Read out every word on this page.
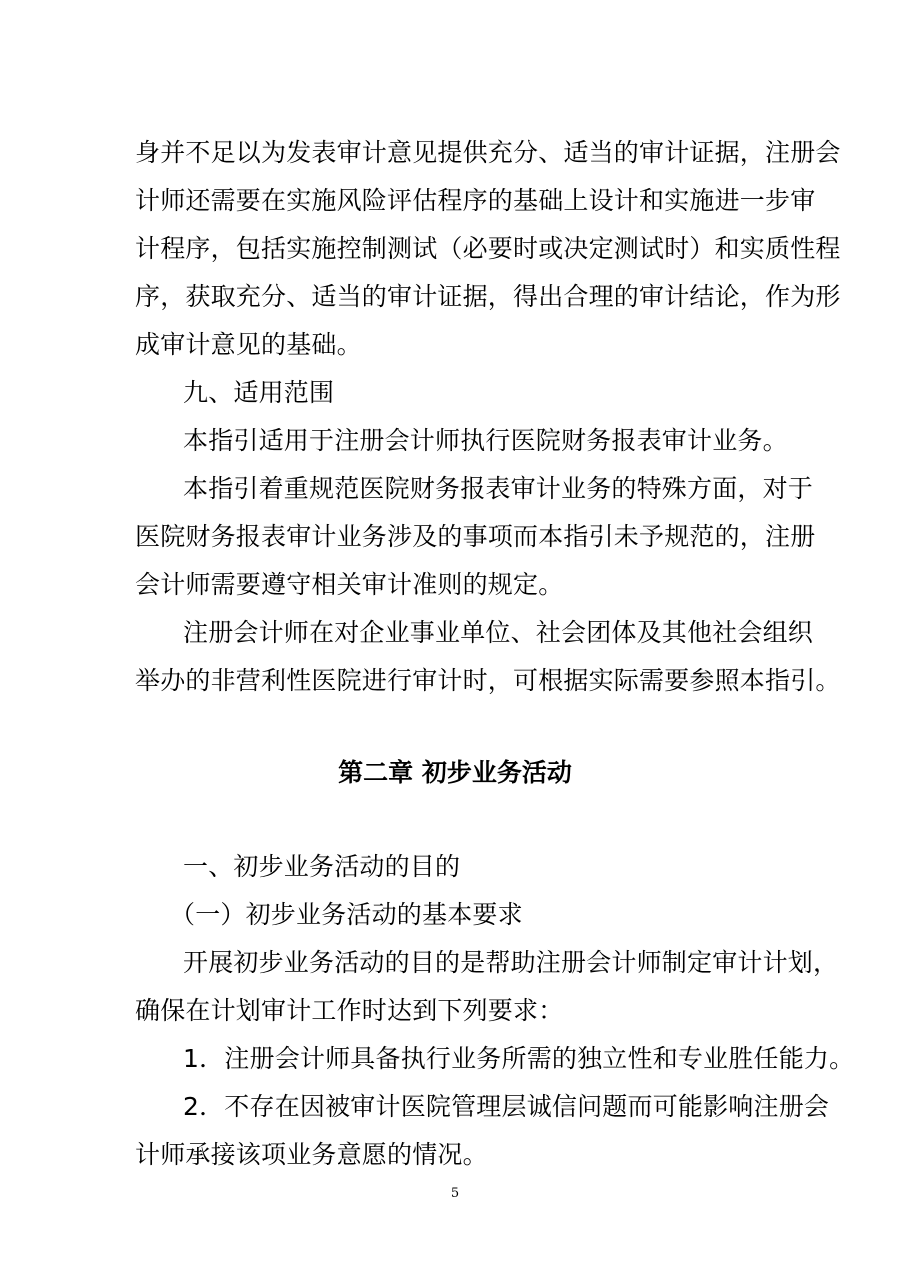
身并不足以为发表审计意见提供充分、适当的审计证据，注册会
计师还需要在实施风险评估程序的基础上设计和实施进一步审
计程序，包括实施控制测试（必要时或决定测试时）和实质性程
序，获取充分、适当的审计证据，得出合理的审计结论，作为形
成审计意见的基础。
九、适用范围
本指引适用于注册会计师执行医院财务报表审计业务。
本指引着重规范医院财务报表审计业务的特殊方面，对于
医院财务报表审计业务涉及的事项而本指引未予规范的，注册
会计师需要遵守相关审计准则的规定。
注册会计师在对企业事业单位、社会团体及其他社会组织
举办的非营利性医院进行审计时，可根据实际需要参照本指引。
第二章 初步业务活动
一、初步业务活动的目的
（一）初步业务活动的基本要求
开展初步业务活动的目的是帮助注册会计师制定审计计划，
确保在计划审计工作时达到下列要求：
1．注册会计师具备执行业务所需的独立性和专业胜任能力。
2．不存在因被审计医院管理层诚信问题而可能影响注册会
计师承接该项业务意愿的情况。
5
